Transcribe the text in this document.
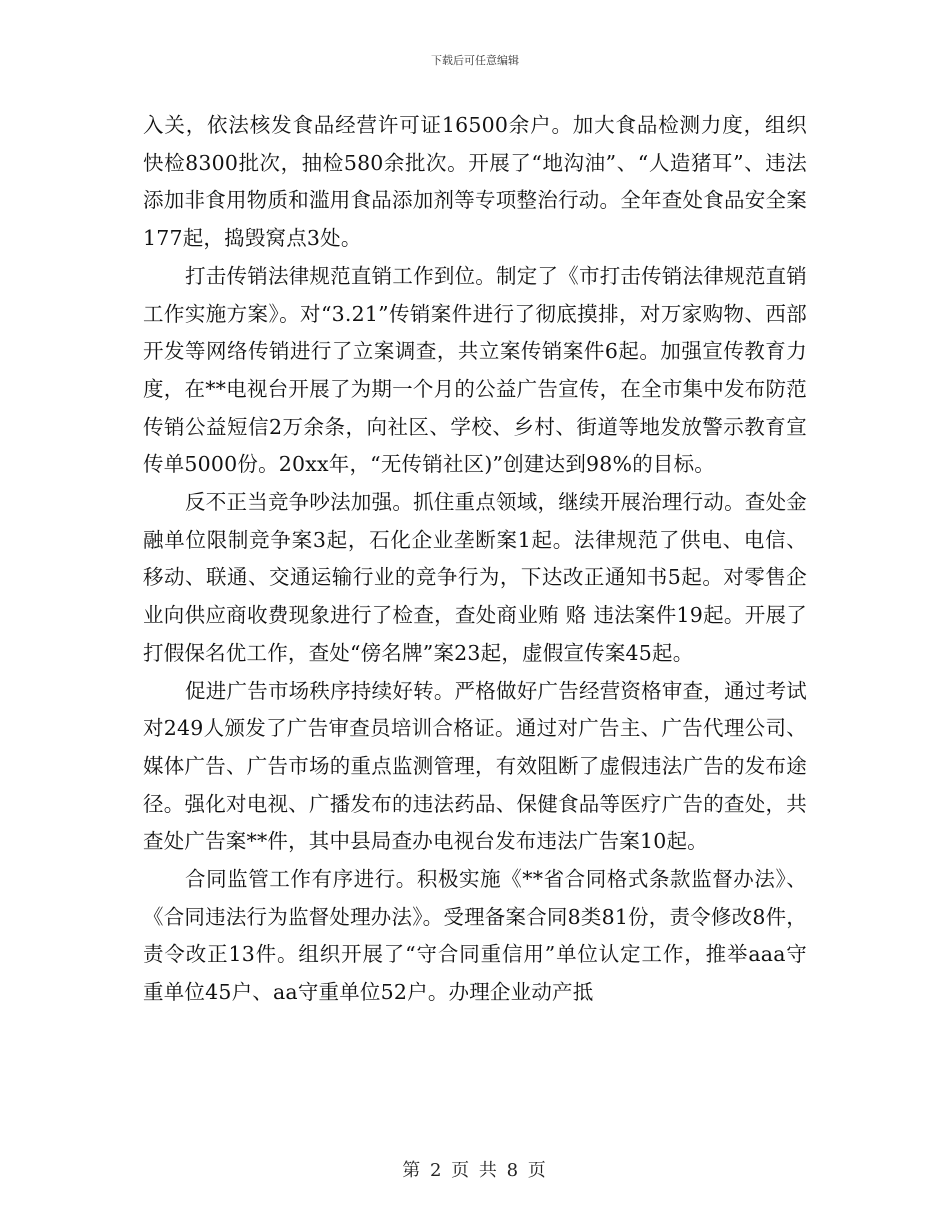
下载后可任意编辑

入关，依法核发食品经营许可证16500余户。加大食品检测力度，组织快检8300批次，抽检580余批次。开展了“地沟油”、“人造猪耳”、违法添加非食用物质和滥用食品添加剂等专项整治行动。全年查处食品安全案177起，捣毁窝点3处。

打击传销法律规范直销工作到位。制定了《市打击传销法律规范直销工作实施方案》。对“3.21”传销案件进行了彻底摸排，对万家购物、西部开发等网络传销进行了立案调查，共立案传销案件6起。加强宣传教育力度，在**电视台开展了为期一个月的公益广告宣传，在全市集中发布防范传销公益短信2万余条，向社区、学校、乡村、街道等地发放警示教育宣传单5000份。20xx年，“无传销社区)”创建达到98%的目标。

反不正当竞争吵法加强。抓住重点领域，继续开展治理行动。查处金融单位限制竞争案3起，石化企业垄断案1起。法律规范了供电、电信、移动、联通、交通运输行业的竞争行为，下达改正通知书5起。对零售企业向供应商收费现象进行了检查，查处商业贿 赂 违法案件19起。开展了打假保名优工作，查处“傍名牌”案23起，虚假宣传案45起。

促进广告市场秩序持续好转。严格做好广告经营资格审查，通过考试对249人颁发了广告审查员培训合格证。通过对广告主、广告代理公司、媒体广告、广告市场的重点监测管理，有效阻断了虚假违法广告的发布途径。强化对电视、广播发布的违法药品、保健食品等医疗广告的查处，共查处广告案**件，其中县局查办电视台发布违法广告案10起。

合同监管工作有序进行。积极实施《**省合同格式条款监督办法》、《合同违法行为监督处理办法》。受理备案合同8类81份，责令修改8件，责令改正13件。组织开展了“守合同重信用”单位认定工作，推举aaa守重单位45户、aa守重单位52户。办理企业动产抵

第 2 页 共 8 页
